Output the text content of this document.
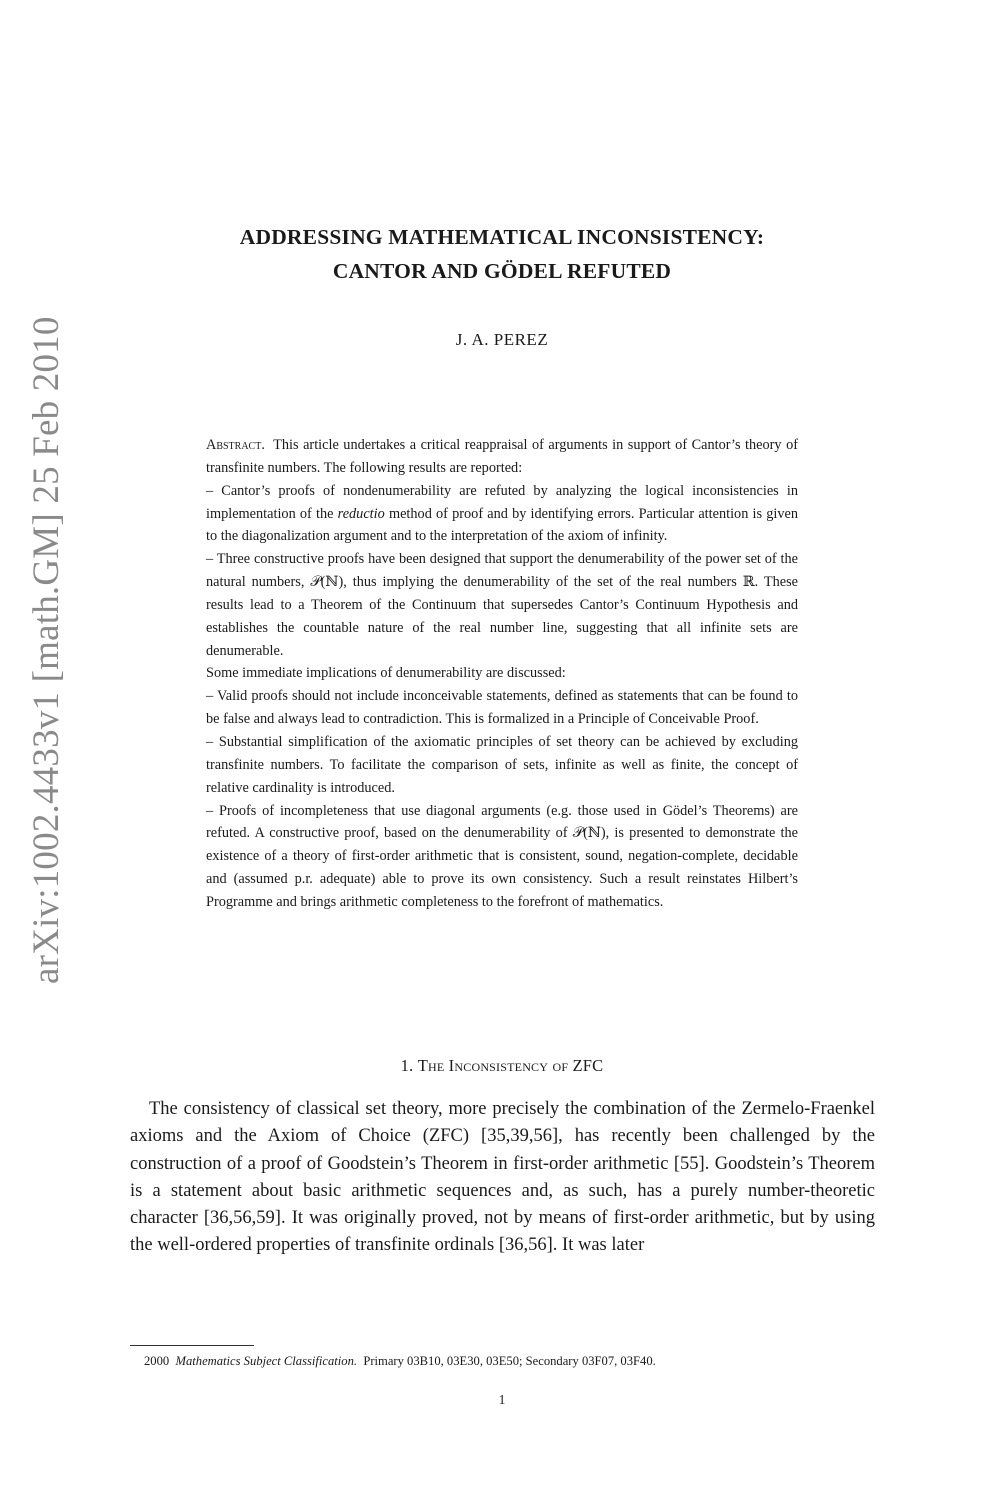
arXiv:1002.4433v1 [math.GM] 25 Feb 2010
ADDRESSING MATHEMATICAL INCONSISTENCY:
CANTOR AND GÖDEL REFUTED
J. A. PEREZ

Abstract. This article undertakes a critical reappraisal of arguments in support of Cantor’s theory of transfinite numbers. The following results are reported:

– Cantor’s proofs of nondenumerability are refuted by analyzing the logical inconsistencies in implementation of the reductio method of proof and by identifying errors. Particular attention is given to the diagonalization argument and to the interpretation of the axiom of infinity.

– Three constructive proofs have been designed that support the denumerability of the power set of the natural numbers, 𝒫(ℕ), thus implying the denumerability of the set of the real numbers ℝ. These results lead to a Theorem of the Continuum that supersedes Cantor’s Continuum Hypothesis and establishes the countable nature of the real number line, suggesting that all infinite sets are denumerable.

Some immediate implications of denumerability are discussed:

– Valid proofs should not include inconceivable statements, defined as statements that can be found to be false and always lead to contradiction. This is formalized in a Principle of Conceivable Proof.

– Substantial simplification of the axiomatic principles of set theory can be achieved by excluding transfinite numbers. To facilitate the comparison of sets, infinite as well as finite, the concept of relative cardinality is introduced.

– Proofs of incompleteness that use diagonal arguments (e.g. those used in Gödel’s Theorems) are refuted. A constructive proof, based on the denumerability of 𝒫(ℕ), is presented to demonstrate the existence of a theory of first-order arithmetic that is consistent, sound, negation-complete, decidable and (assumed p.r. adequate) able to prove its own consistency. Such a result reinstates Hilbert’s Programme and brings arithmetic completeness to the forefront of mathematics.

1. The Inconsistency of ZFC

The consistency of classical set theory, more precisely the combination of the Zermelo-Fraenkel axioms and the Axiom of Choice (ZFC) [35,39,56], has recently been challenged by the construction of a proof of Goodstein’s Theorem in first-order arithmetic [55]. Goodstein’s Theorem is a statement about basic arithmetic sequences and, as such, has a purely number-theoretic character [36,56,59]. It was originally proved, not by means of first-order arithmetic, but by using the well-ordered properties of transfinite ordinals [36,56]. It was later

2000 Mathematics Subject Classification. Primary 03B10, 03E30, 03E50; Secondary 03F07, 03F40.
1
